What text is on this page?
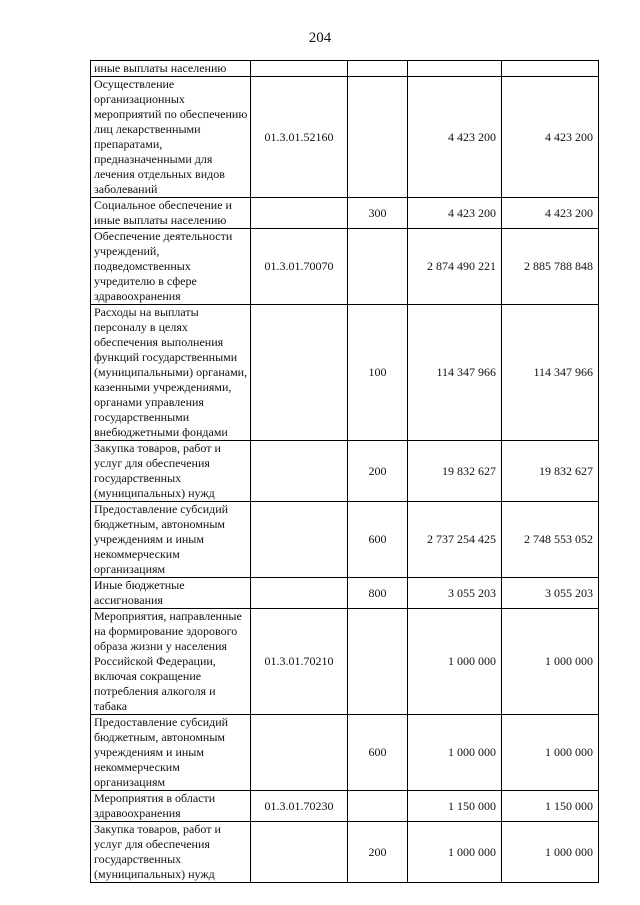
204
иные выплаты населению				
Осуществление организационных мероприятий по обеспечению лиц лекарственными препаратами, предназначенными для лечения отдельных видов заболеваний	01.3.01.52160		4 423 200	4 423 200
Социальное обеспечение и иные выплаты населению		300	4 423 200	4 423 200
Обеспечение деятельности учреждений, подведомственных учредителю в сфере здравоохранения	01.3.01.70070		2 874 490 221	2 885 788 848
Расходы на выплаты персоналу в целях обеспечения выполнения функций государственными (муниципальными) органами, казенными учреждениями, органами управления государственными внебюджетными фондами		100	114 347 966	114 347 966
Закупка товаров, работ и услуг для обеспечения государственных (муниципальных) нужд		200	19 832 627	19 832 627
Предоставление субсидий бюджетным, автономным учреждениям и иным некоммерческим организациям		600	2 737 254 425	2 748 553 052
Иные бюджетные ассигнования		800	3 055 203	3 055 203
Мероприятия, направленные на формирование здорового образа жизни у населения Российской Федерации, включая сокращение потребления алкоголя и табака	01.3.01.70210		1 000 000	1 000 000
Предоставление субсидий бюджетным, автономным учреждениям и иным некоммерческим организациям		600	1 000 000	1 000 000
Мероприятия в области здравоохранения	01.3.01.70230		1 150 000	1 150 000
Закупка товаров, работ и услуг для обеспечения государственных (муниципальных) нужд		200	1 000 000	1 000 000
